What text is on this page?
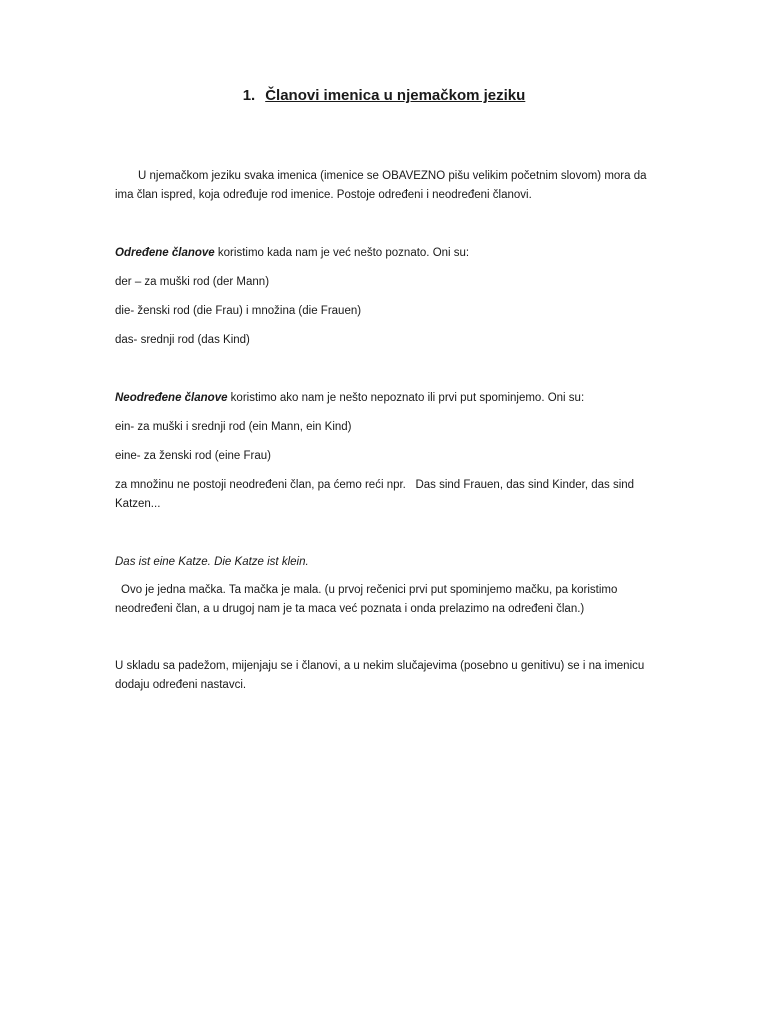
1. Članovi imenica u njemačkom jeziku

U njemačkom jeziku svaka imenica (imenice se OBAVEZNO pišu velikim početnim slovom) mora da ima član ispred, koja određuje rod imenice. Postoje određeni i neodređeni članovi.

Određene članove koristimo kada nam je već nešto poznato. Oni su:

der – za muški rod (der Mann)

die- ženski rod (die Frau) i množina (die Frauen)

das- srednji rod (das Kind)

Neodređene članove koristimo ako nam je nešto nepoznato ili prvi put spominjemo. Oni su:

ein- za muški i srednji rod (ein Mann, ein Kind)

eine- za ženski rod (eine Frau)

za množinu ne postoji neodređeni član, pa ćemo reći npr.   Das sind Frauen, das sind Kinder, das sind Katzen...

Das ist eine Katze. Die Katze ist klein.

Ovo je jedna mačka. Ta mačka je mala. (u prvoj rečenici prvi put spominjemo mačku, pa koristimo neodređeni član, a u drugoj nam je ta maca već poznata i onda prelazimo na određeni član.)

U skladu sa padežom, mijenjaju se i članovi, a u nekim slučajevima (posebno u genitivu) se i na imenicu dodaju određeni nastavci.
